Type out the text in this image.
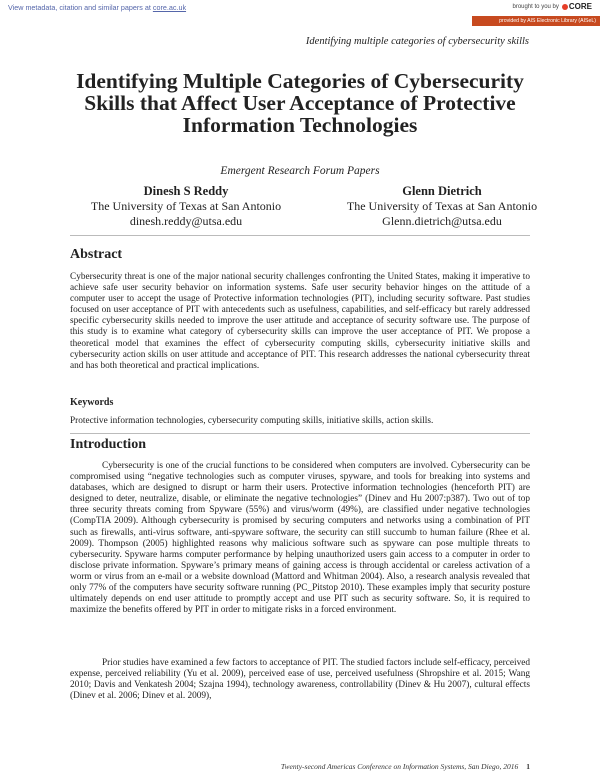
View metadata, citation and similar papers at core.ac.uk	brought to you by CORE
provided by AIS Electronic Library (AISeL)
Identifying multiple categories of cybersecurity skills
Identifying Multiple Categories of Cybersecurity Skills that Affect User Acceptance of Protective Information Technologies
Emergent Research Forum Papers
Dinesh S Reddy
The University of Texas at San Antonio
dinesh.reddy@utsa.edu
Glenn Dietrich
The University of Texas at San Antonio
Glenn.dietrich@utsa.edu
Abstract
Cybersecurity threat is one of the major national security challenges confronting the United States, making it imperative to achieve safe user security behavior on information systems. Safe user security behavior hinges on the attitude of a computer user to accept the usage of Protective information technologies (PIT), including security software. Past studies focused on user acceptance of PIT with antecedents such as usefulness, capabilities, and self-efficacy but rarely addressed specific cybersecurity skills needed to improve the user attitude and acceptance of security software use. The purpose of this study is to examine what category of cybersecurity skills can improve the user acceptance of PIT. We propose a theoretical model that examines the effect of cybersecurity computing skills, cybersecurity initiative skills and cybersecurity action skills on user attitude and acceptance of PIT. This research addresses the national cybersecurity threat and has both theoretical and practical implications.
Keywords
Protective information technologies, cybersecurity computing skills, initiative skills, action skills.
Introduction
Cybersecurity is one of the crucial functions to be considered when computers are involved. Cybersecurity can be compromised using “negative technologies such as computer viruses, spyware, and tools for breaking into systems and databases, which are designed to disrupt or harm their users. Protective information technologies (henceforth PIT) are designed to deter, neutralize, disable, or eliminate the negative technologies” (Dinev and Hu 2007:p387). Two out of top three security threats coming from Spyware (55%) and virus/worm (49%), are classified under negative technologies (CompTIA 2009). Although cybersecurity is promised by securing computers and networks using a combination of PIT such as firewalls, anti-virus software, anti-spyware software, the security can still succumb to human failure (Rhee et al. 2009). Thompson (2005) highlighted reasons why malicious software such as spyware can pose multiple threats to cybersecurity. Spyware harms computer performance by helping unauthorized users gain access to a computer in order to disclose private information. Spyware’s primary means of gaining access is through accidental or careless activation of a worm or virus from an e-mail or a website download (Mattord and Whitman 2004). Also, a research analysis revealed that only 77% of the computers have security software running (PC_Pitstop 2010). These examples imply that security posture ultimately depends on end user attitude to promptly accept and use PIT such as security software. So, it is required to maximize the benefits offered by PIT in order to mitigate risks in a forced environment.
Prior studies have examined a few factors to acceptance of PIT. The studied factors include self-efficacy, perceived expense, perceived reliability (Yu et al. 2009), perceived ease of use, perceived usefulness (Shropshire et al. 2015; Wang 2010; Davis and Venkatesh 2004; Szajna 1994), technology awareness, controllability (Dinev & Hu 2007), cultural effects (Dinev et al. 2006; Dinev et al. 2009),
Twenty-second Americas Conference on Information Systems, San Diego, 2016 1
